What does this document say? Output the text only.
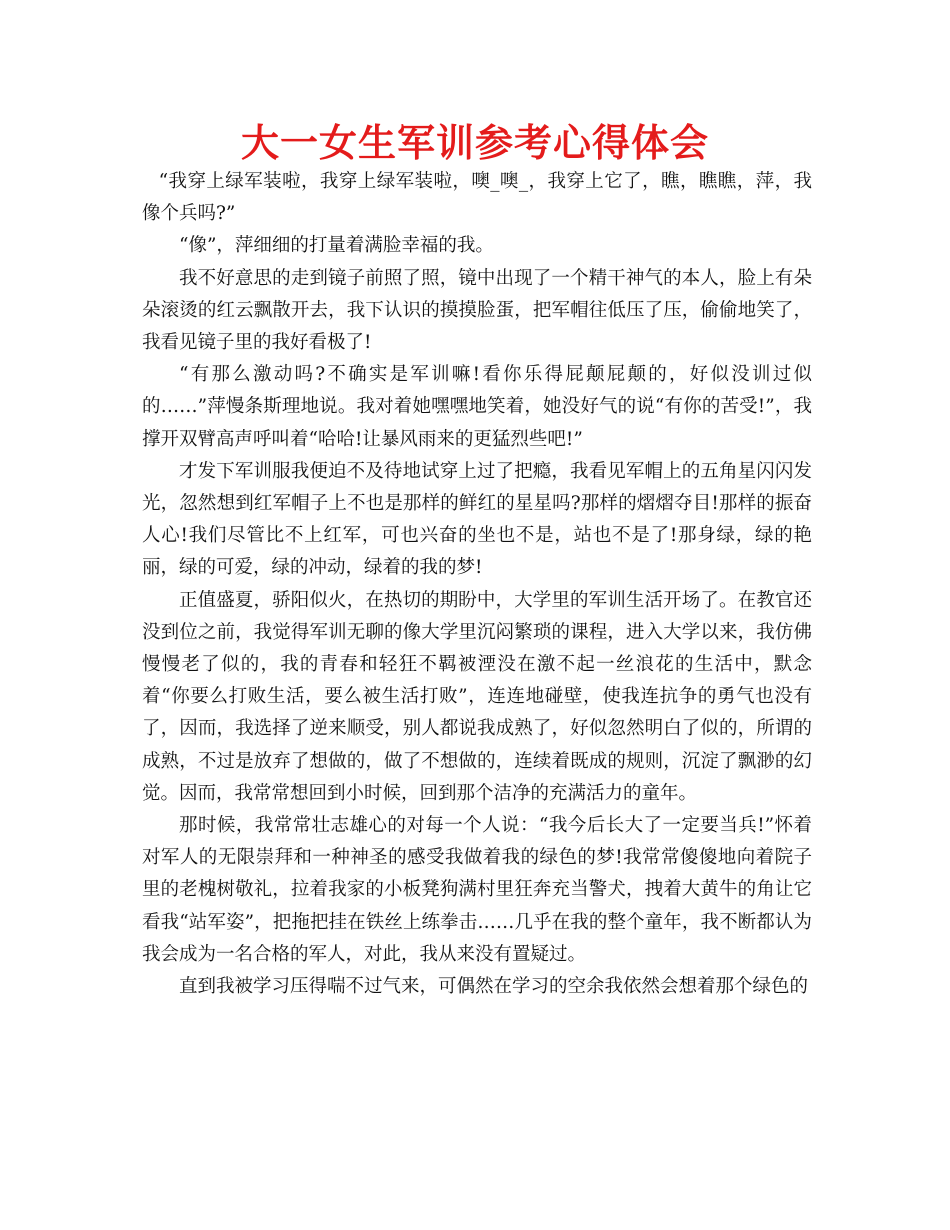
大一女生军训参考心得体会

“我穿上绿军装啦，我穿上绿军装啦，噢_噢_，我穿上它了，瞧，瞧瞧，萍，我像个兵吗?”

“像”，萍细细的打量着满脸幸福的我。

我不好意思的走到镜子前照了照，镜中出现了一个精干神气的本人，脸上有朵朵滚烫的红云飘散开去，我下认识的摸摸脸蛋，把军帽往低压了压，偷偷地笑了，我看见镜子里的我好看极了!

“有那么激动吗?不确实是军训嘛!看你乐得屁颠屁颠的，好似没训过似的……”萍慢条斯理地说。我对着她嘿嘿地笑着，她没好气的说“有你的苦受!”，我撑开双臂高声呼叫着“哈哈!让暴风雨来的更猛烈些吧!”

才发下军训服我便迫不及待地试穿上过了把瘾，我看见军帽上的五角星闪闪发光，忽然想到红军帽子上不也是那样的鲜红的星星吗?那样的熠熠夺目!那样的振奋人心!我们尽管比不上红军，可也兴奋的坐也不是，站也不是了!那身绿，绿的艳丽，绿的可爱，绿的冲动，绿着的我的梦!

正值盛夏，骄阳似火，在热切的期盼中，大学里的军训生活开场了。在教官还没到位之前，我觉得军训无聊的像大学里沉闷繁琐的课程，进入大学以来，我仿佛慢慢老了似的，我的青春和轻狂不羁被湮没在激不起一丝浪花的生活中，默念着“你要么打败生活，要么被生活打败”，连连地碰壁，使我连抗争的勇气也没有了，因而，我选择了逆来顺受，别人都说我成熟了，好似忽然明白了似的，所谓的成熟，不过是放弃了想做的，做了不想做的，连续着既成的规则，沉淀了飘渺的幻觉。因而，我常常想回到小时候，回到那个洁净的充满活力的童年。

那时候，我常常壮志雄心的对每一个人说：“我今后长大了一定要当兵!”怀着对军人的无限崇拜和一种神圣的感受我做着我的绿色的梦!我常常傻傻地向着院子里的老槐树敬礼，拉着我家的小板凳狗满村里狂奔充当警犬，拽着大黄牛的角让它看我“站军姿”，把拖把挂在铁丝上练拳击……几乎在我的整个童年，我不断都认为我会成为一名合格的军人，对此，我从来没有置疑过。

直到我被学习压得喘不过气来，可偶然在学习的空余我依然会想着那个绿色的
